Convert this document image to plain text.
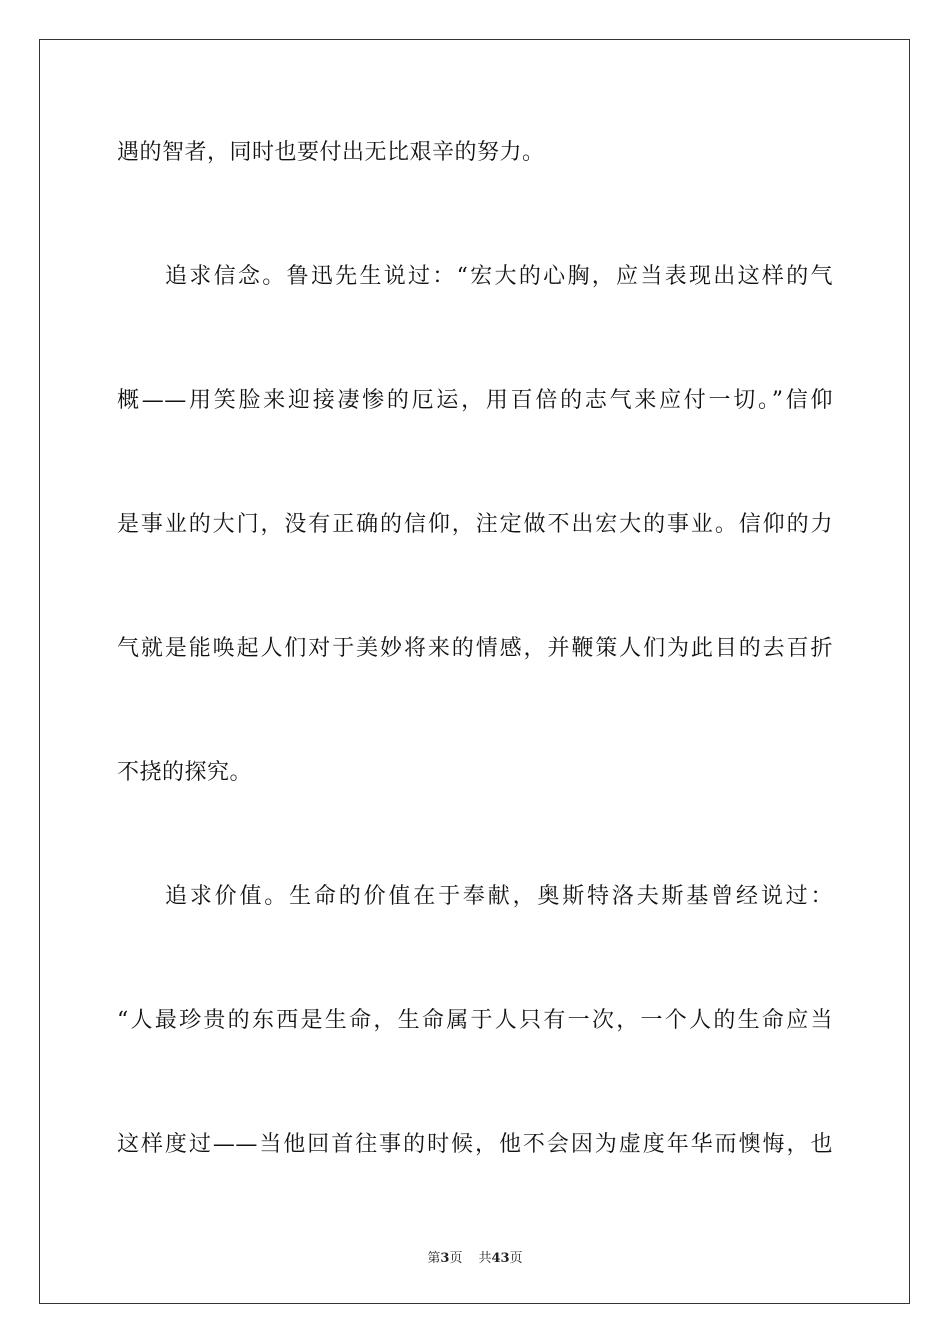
遇的智者，同时也要付出无比艰辛的努力。
追求信念。鲁迅先生说过：“宏大的心胸，应当表现出这样的气
概——用笑脸来迎接凄惨的厄运，用百倍的志气来应付一切。”信仰
是事业的大门，没有正确的信仰，注定做不出宏大的事业。信仰的力
气就是能唤起人们对于美妙将来的情感，并鞭策人们为此目的去百折
不挠的探究。
追求价值。生命的价值在于奉献，奥斯特洛夫斯基曾经说过：
“人最珍贵的东西是生命，生命属于人只有一次，一个人的生命应当
这样度过——当他回首往事的时候，他不会因为虚度年华而懊悔，也
第3页 共43页
